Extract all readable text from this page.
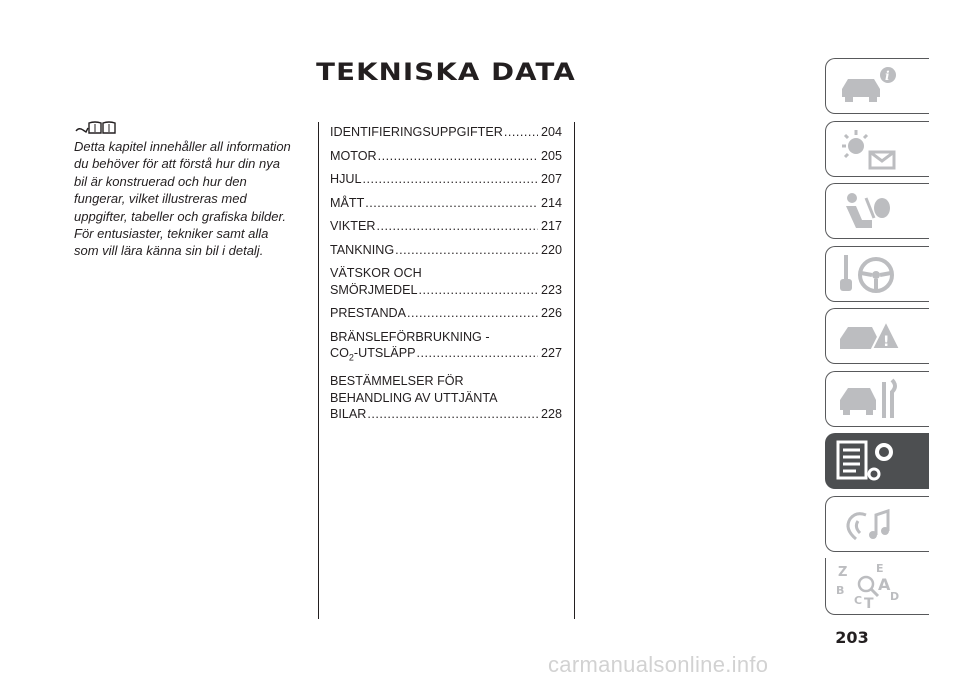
TEKNISKA DATA

Detta kapitel innehåller all information du behöver för att förstå hur din nya bil är konstruerad och hur den fungerar, vilket illustreras med uppgifter, tabeller och grafiska bilder. För entusiaster, tekniker samt alla som vill lära känna sin bil i detalj.

IDENTIFIERINGSUPPGIFTER .....	204
MOTOR .....	205
HJUL .....	207
MÅTT .....	214
VIKTER .....	217
TANKNING .....	220
VÄTSKOR OCH
SMÖRJMEDEL .....	223
PRESTANDA .....	226
BRÄNSLEFÖRBRUKNING -
$CO_2$-UTSLÄPP .....	227
BESTÄMMELSER FÖR
BEHANDLING AV UTTJÄNTA
BILAR .....	228
i
!
Z	E
B A
C T D
203
carmanualsonline.info
